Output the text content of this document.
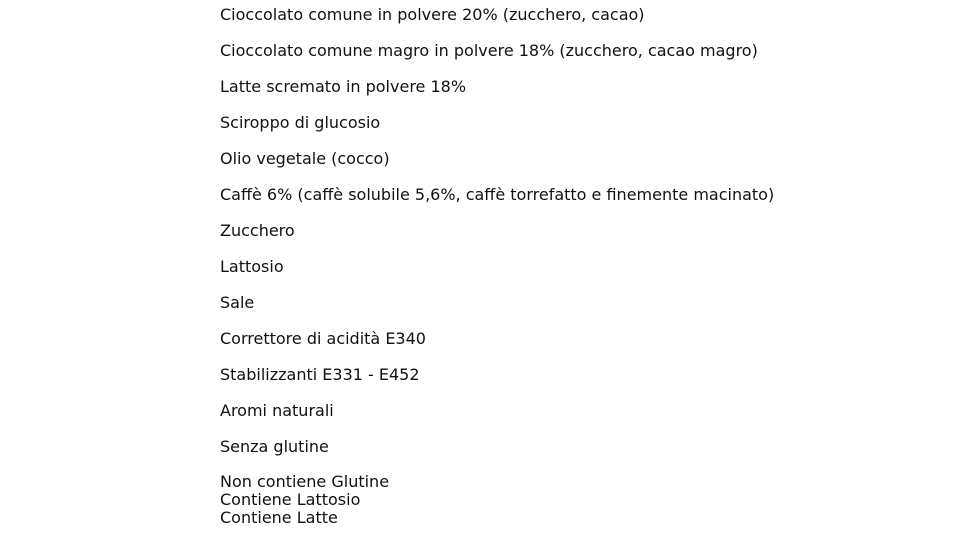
Cioccolato comune in polvere 20% (zucchero, cacao)
Cioccolato comune magro in polvere 18% (zucchero, cacao magro)
Latte scremato in polvere 18%
Sciroppo di glucosio
Olio vegetale (cocco)
Caffè 6% (caffè solubile 5,6%, caffè torrefatto e finemente macinato)
Zucchero
Lattosio
Sale
Correttore di acidità E340
Stabilizzanti E331 - E452
Aromi naturali
Senza glutine
Non contiene Glutine
Contiene Lattosio
Contiene Latte
